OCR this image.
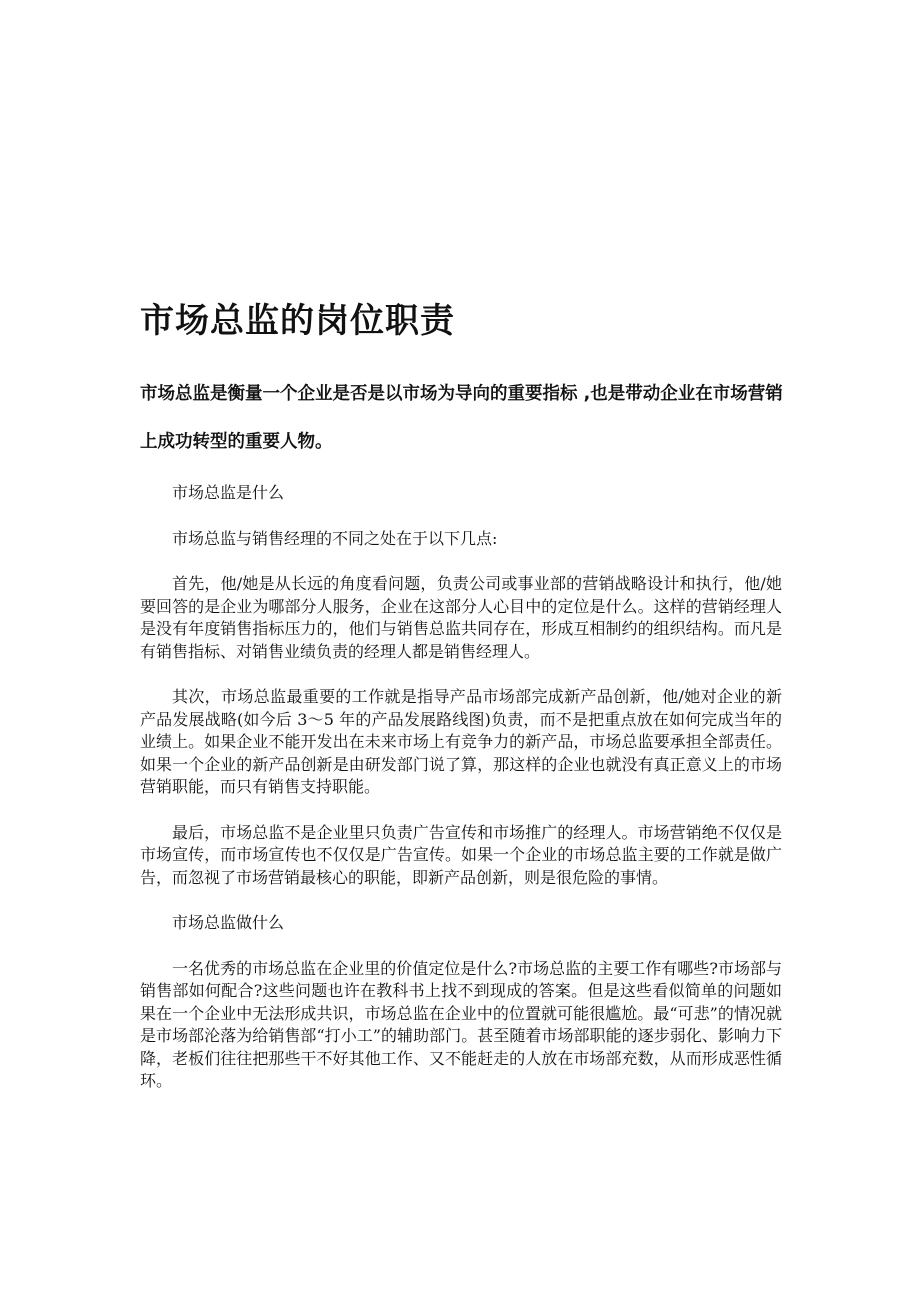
市场总监的岗位职责

市场总监是衡量一个企业是否是以市场为导向的重要指标 ,也是带动企业在市场营销上成功转型的重要人物。

市场总监是什么

市场总监与销售经理的不同之处在于以下几点:

首先，他/她是从长远的角度看问题，负责公司或事业部的营销战略设计和执行，他/她要回答的是企业为哪部分人服务，企业在这部分人心目中的定位是什么。这样的营销经理人是没有年度销售指标压力的，他们与销售总监共同存在，形成互相制约的组织结构。而凡是有销售指标、对销售业绩负责的经理人都是销售经理人。

其次，市场总监最重要的工作就是指导产品市场部完成新产品创新，他/她对企业的新产品发展战略(如今后 3～5 年的产品发展路线图)负责，而不是把重点放在如何完成当年的业绩上。如果企业不能开发出在未来市场上有竞争力的新产品，市场总监要承担全部责任。如果一个企业的新产品创新是由研发部门说了算，那这样的企业也就没有真正意义上的市场营销职能，而只有销售支持职能。

最后，市场总监不是企业里只负责广告宣传和市场推广的经理人。市场营销绝不仅仅是市场宣传，而市场宣传也不仅仅是广告宣传。如果一个企业的市场总监主要的工作就是做广告，而忽视了市场营销最核心的职能，即新产品创新，则是很危险的事情。

市场总监做什么

一名优秀的市场总监在企业里的价值定位是什么?市场总监的主要工作有哪些?市场部与销售部如何配合?这些问题也许在教科书上找不到现成的答案。但是这些看似简单的问题如果在一个企业中无法形成共识，市场总监在企业中的位置就可能很尴尬。最“可悲”的情况就是市场部沦落为给销售部“打小工”的辅助部门。甚至随着市场部职能的逐步弱化、影响力下降，老板们往往把那些干不好其他工作、又不能赶走的人放在市场部充数，从而形成恶性循环。
